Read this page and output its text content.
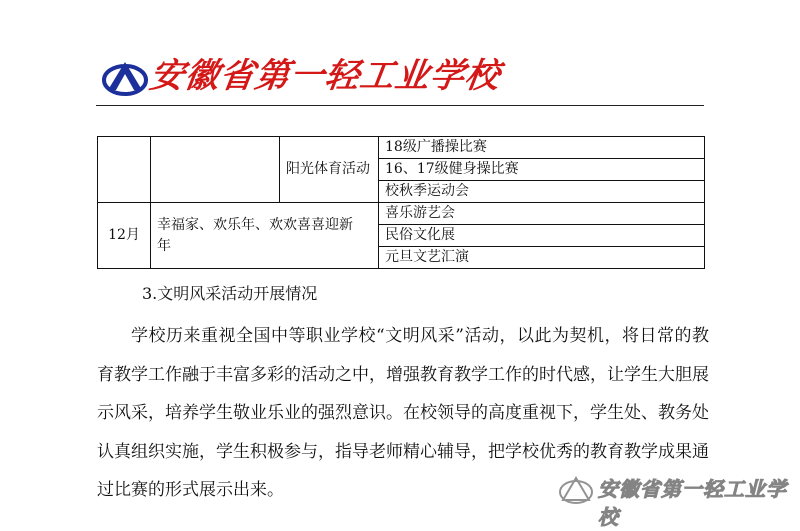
安徽省第一轻工业学校

		阳光体育活动	18级广播操比赛
			16、17级健身操比赛
			校秋季运动会
12月	幸福家、欢乐年、欢欢喜喜迎新年		喜乐游艺会
			民俗文化展
			元旦文艺汇演
3.文明风采活动开展情况
学校历来重视全国中等职业学校“文明风采”活动，以此为契机，将日常的教育教学工作融于丰富多彩的活动之中，增强教育教学工作的时代感，让学生大胆展示风采，培养学生敬业乐业的强烈意识。在校领导的高度重视下，学生处、教务处认真组织实施，学生积极参与，指导老师精心辅导，把学校优秀的教育教学成果通过比赛的形式展示出来。	安徽省第一轻工业学校
